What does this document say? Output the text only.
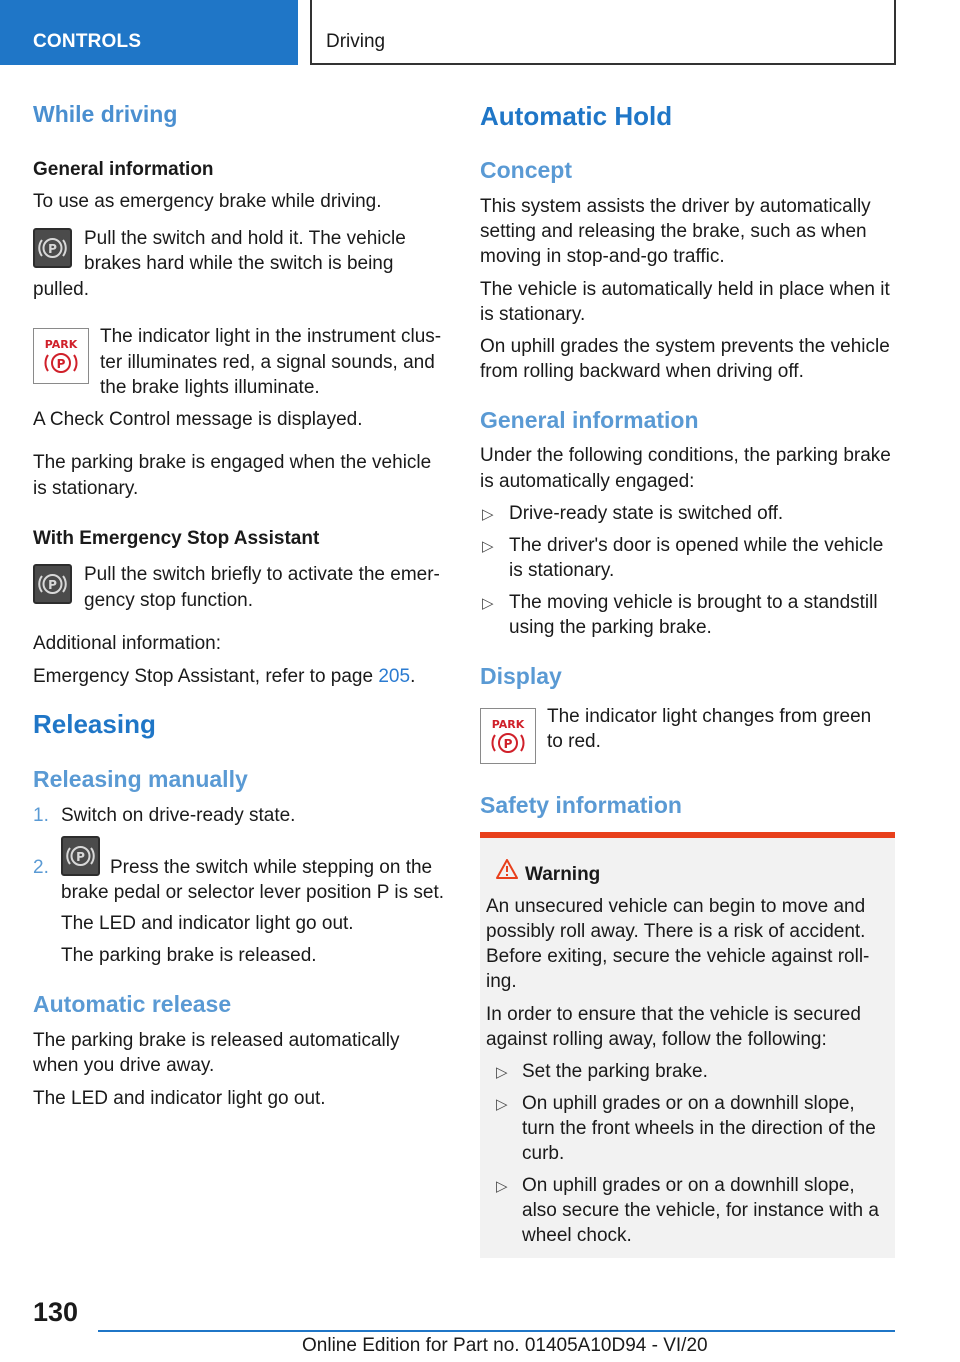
CONTROLS	Driving
While driving
General information
To use as emergency brake while driving.
P Pull the switch and hold it. The vehicle
brakes hard while the switch is being
pulled.
PARK
P
The indicator light in the instrument clus‐
ter illuminates red, a signal sounds, and
the brake lights illuminate.
A Check Control message is displayed.
The parking brake is engaged when the vehicle
is stationary.
With Emergency Stop Assistant
P Pull the switch briefly to activate the emer‐
gency stop function.
Additional information:
Emergency Stop Assistant, refer to page 205.
Releasing
Releasing manually
1. Switch on drive-ready state.
2. P Press the switch while stepping on the
brake pedal or selector lever position P is set.
The LED and indicator light go out.
The parking brake is released.
Automatic release
The parking brake is released automatically
when you drive away.
The LED and indicator light go out.
Automatic Hold
Concept
This system assists the driver by automatically
setting and releasing the brake, such as when
moving in stop-and-go traffic.
The vehicle is automatically held in place when it
is stationary.
On uphill grades the system prevents the vehicle
from rolling backward when driving off.
General information
Under the following conditions, the parking brake
is automatically engaged:
▷ Drive-ready state is switched off.
▷ The driver's door is opened while the vehicle
is stationary.
▷ The moving vehicle is brought to a standstill
using the parking brake.
Display
PARK
P
The indicator light changes from green
to red.
Safety information
Warning
An unsecured vehicle can begin to move and
possibly roll away. There is a risk of accident.
Before exiting, secure the vehicle against roll‐
ing.
In order to ensure that the vehicle is secured
against rolling away, follow the following:
▷ Set the parking brake.
▷ On uphill grades or on a downhill slope,
turn the front wheels in the direction of the
curb.
▷ On uphill grades or on a downhill slope,
also secure the vehicle, for instance with a
wheel chock.
130
Online Edition for Part no. 01405A10D94 - VI/20
